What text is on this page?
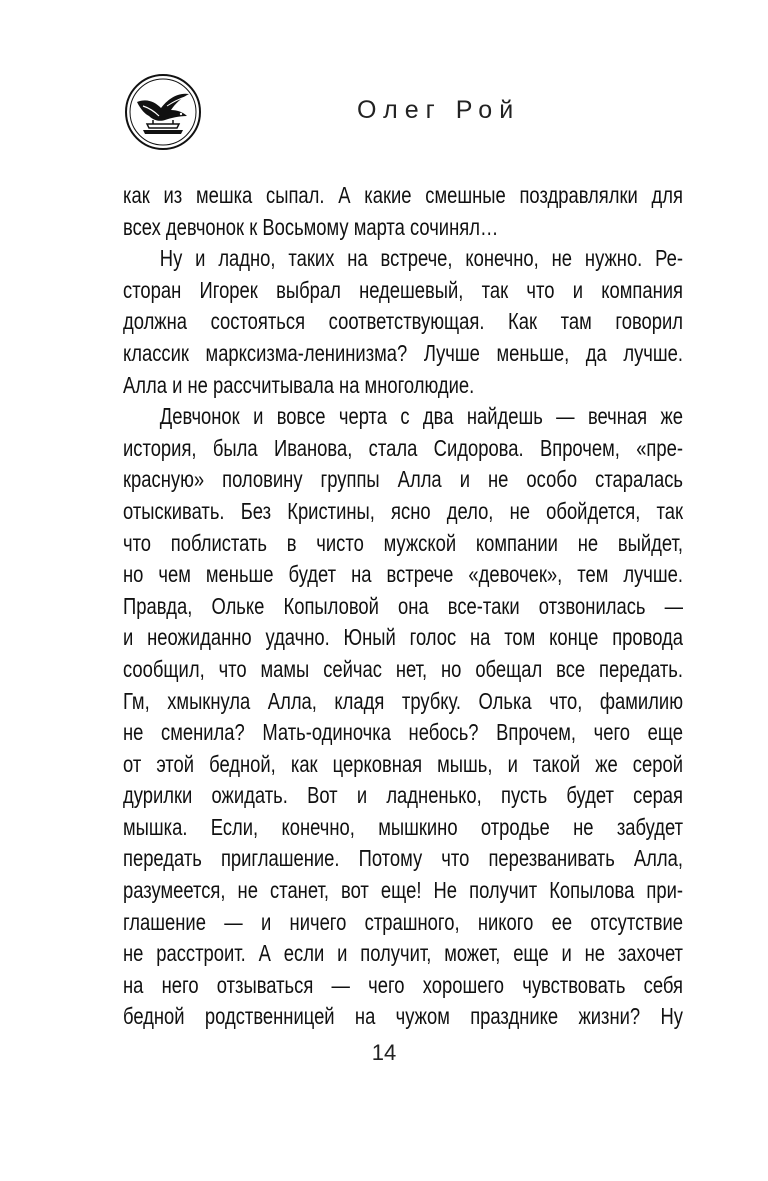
Олег Рой
как из мешка сыпал. А какие смешные поздравлялки для
всех девчонок к Восьмому марта сочинял…
Ну и ладно, таких на встрече, конечно, не нужно. Ре-
сторан Игорек выбрал недешевый, так что и компания
должна состояться соответствующая. Как там говорил
классик марксизма-ленинизма? Лучше меньше, да лучше.
Алла и не рассчитывала на многолюдие.
Девчонок и вовсе черта с два найдешь — вечная же
история, была Иванова, стала Сидорова. Впрочем, «пре-
красную» половину группы Алла и не особо старалась
отыскивать. Без Кристины, ясно дело, не обойдется, так
что поблистать в чисто мужской компании не выйдет,
но чем меньше будет на встрече «девочек», тем лучше.
Правда, Ольке Копыловой она все-таки отзвонилась —
и неожиданно удачно. Юный голос на том конце провода
сообщил, что мамы сейчас нет, но обещал все передать.
Гм, хмыкнула Алла, кладя трубку. Олька что, фамилию
не сменила? Мать-одиночка небось? Впрочем, чего еще
от этой бедной, как церковная мышь, и такой же серой
дурилки ожидать. Вот и ладненько, пусть будет серая
мышка. Если, конечно, мышкино отродье не забудет
передать приглашение. Потому что перезванивать Алла,
разумеется, не станет, вот еще! Не получит Копылова при-
глашение — и ничего страшного, никого ее отсутствие
не расстроит. А если и получит, может, еще и не захочет
на него отзываться — чего хорошего чувствовать себя
бедной родственницей на чужом празднике жизни? Ну
14
